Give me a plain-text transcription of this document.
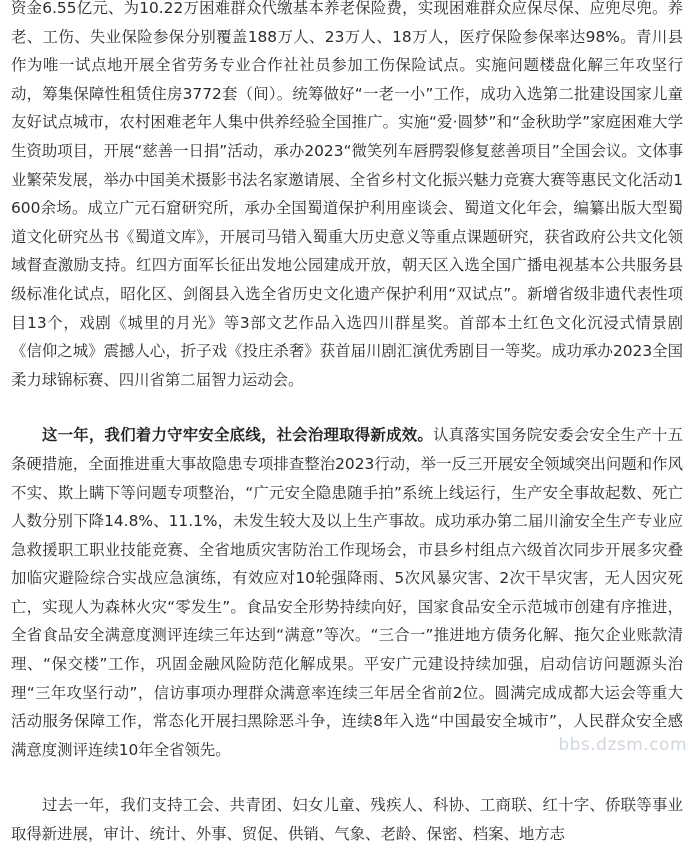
资金6.55亿元、为10.22万困难群众代缴基本养老保险费，实现困难群众应保尽保、应兜尽兜。养老、工伤、失业保险参保分别覆盖188万人、23万人、18万人，医疗保险参保率达98%。青川县作为唯一试点地开展全省劳务专业合作社社员参加工伤保险试点。实施问题楼盘化解三年攻坚行动，筹集保障性租赁住房3772套（间）。统筹做好“一老一小”工作，成功入选第二批建设国家儿童友好试点城市，农村困难老年人集中供养经验全国推广。实施“爱·圆梦”和“金秋助学”家庭困难大学生资助项目，开展“慈善一日捐”活动，承办2023“微笑列车唇腭裂修复慈善项目”全国会议。文体事业繁荣发展，举办中国美术摄影书法名家邀请展、全省乡村文化振兴魅力竞赛大赛等惠民文化活动1600余场。成立广元石窟研究所，承办全国蜀道保护利用座谈会、蜀道文化年会，编纂出版大型蜀道文化研究丛书《蜀道文库》，开展司马错入蜀重大历史意义等重点课题研究，获省政府公共文化领域督查激励支持。红四方面军长征出发地公园建成开放，朝天区入选全国广播电视基本公共服务县级标准化试点，昭化区、剑阁县入选全省历史文化遗产保护利用“双试点”。新增省级非遗代表性项目13个，戏剧《城里的月光》等3部文艺作品入选四川群星奖。首部本土红色文化沉浸式情景剧《信仰之城》震撼人心，折子戏《投庄杀奢》获首届川剧汇演优秀剧目一等奖。成功承办2023全国柔力球锦标赛、四川省第二届智力运动会。

这一年，我们着力守牢安全底线，社会治理取得新成效。认真落实国务院安委会安全生产十五条硬措施，全面推进重大事故隐患专项排查整治2023行动，举一反三开展安全领域突出问题和作风不实、欺上瞒下等问题专项整治，“广元安全隐患随手拍”系统上线运行，生产安全事故起数、死亡人数分别下降14.8%、11.1%，未发生较大及以上生产事故。成功承办第二届川渝安全生产专业应急救援职工职业技能竞赛、全省地质灾害防治工作现场会，市县乡村组点六级首次同步开展多灾叠加临灾避险综合实战应急演练，有效应对10轮强降雨、5次风暴灾害、2次干旱灾害，无人因灾死亡，实现人为森林火灾“零发生”。食品安全形势持续向好，国家食品安全示范城市创建有序推进，全省食品安全满意度测评连续三年达到“满意”等次。“三合一”推进地方债务化解、拖欠企业账款清理、“保交楼”工作，巩固金融风险防范化解成果。平安广元建设持续加强，启动信访问题源头治理“三年攻坚行动”，信访事项办理群众满意率连续三年居全省前2位。圆满完成成都大运会等重大活动服务保障工作，常态化开展扫黑除恶斗争，连续8年入选“中国最安全城市”，人民群众安全感满意度测评连续10年全省领先。

过去一年，我们支持工会、共青团、妇女儿童、残疾人、科协、工商联、红十字、侨联等事业取得新进展，审计、统计、外事、贸促、供销、气象、老龄、保密、档案、地方志

bbs.dzsm.com
